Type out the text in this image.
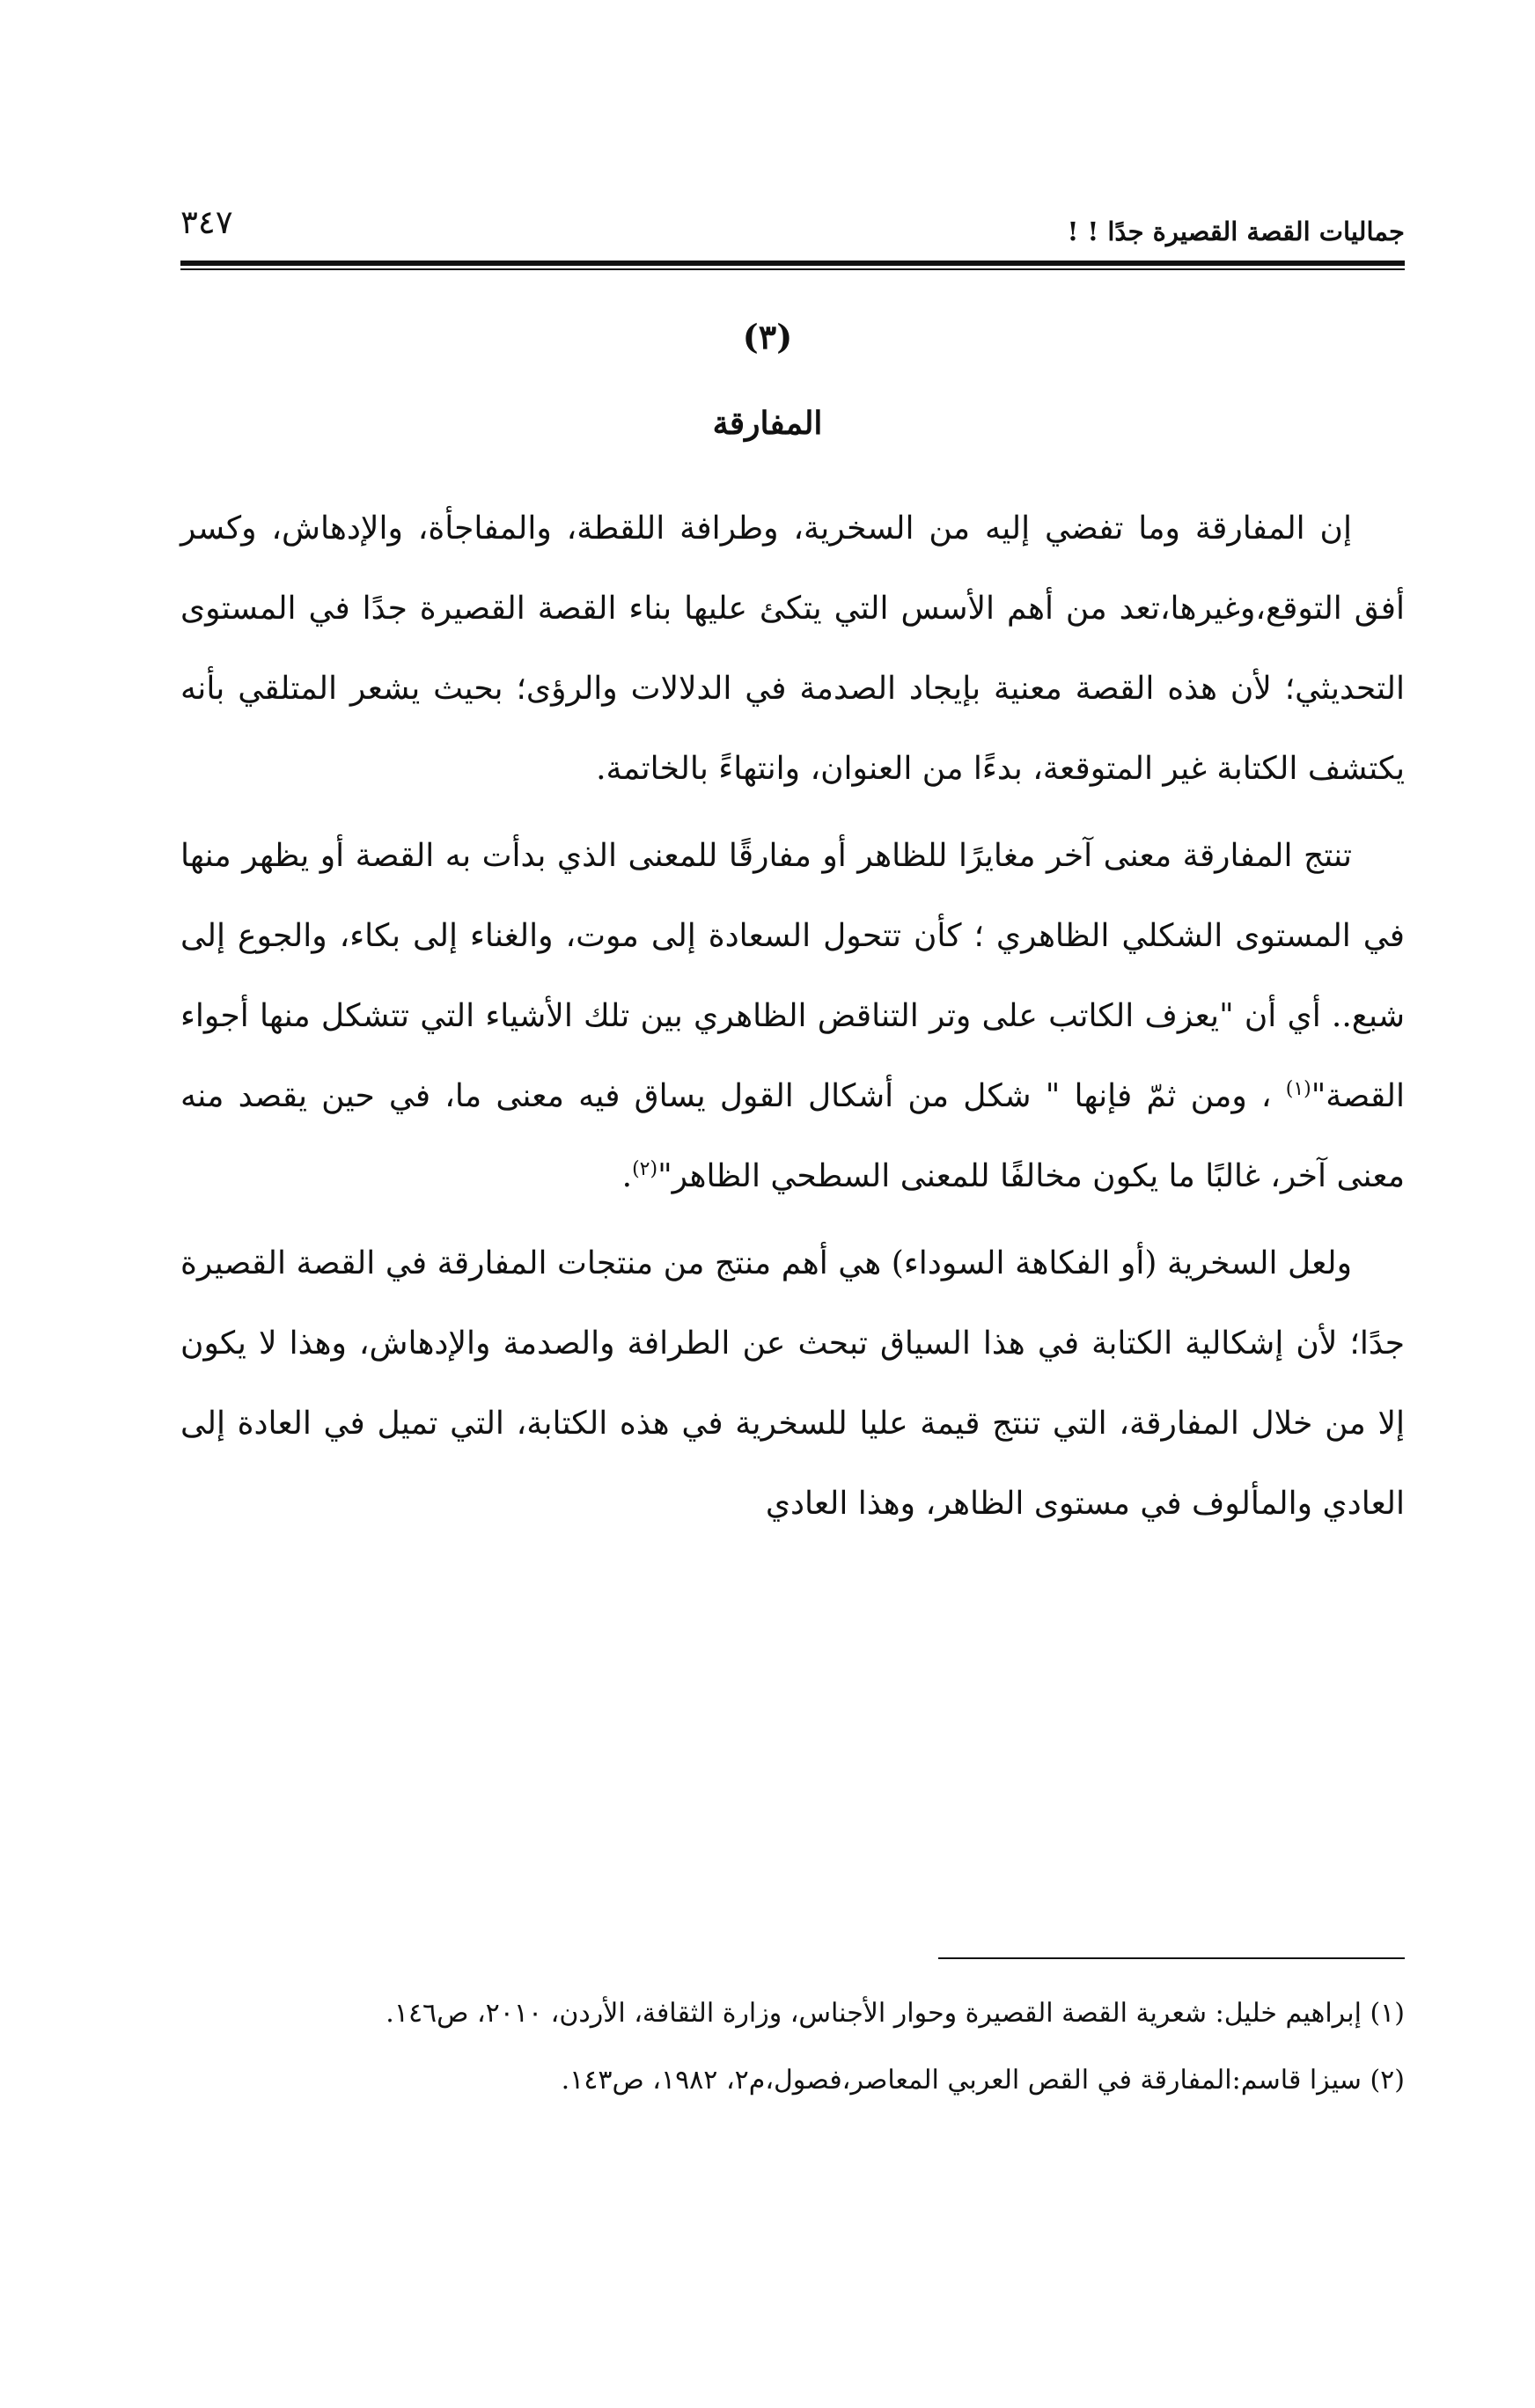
جماليات القصة القصيرة جدًا ! !
٣٤٧
(٣)
المفارقة

إن المفارقة وما تفضي إليه من السخرية، وطرافة اللقطة، والمفاجأة، والإدهاش، وكسر أفق التوقع،وغيرها،تعد من أهم الأسس التي يتكئ عليها بناء القصة القصيرة جدًا في المستوى التحديثي؛ لأن هذه القصة معنية بإيجاد الصدمة في الدلالات والرؤى؛ بحيث يشعر المتلقي بأنه يكتشف الكتابة غير المتوقعة، بدءًا من العنوان، وانتهاءً بالخاتمة.

تنتج المفارقة معنى آخر مغايرًا للظاهر أو مفارقًا للمعنى الذي بدأت به القصة أو يظهر منها في المستوى الشكلي الظاهري ؛ كأن تتحول السعادة إلى موت، والغناء إلى بكاء، والجوع إلى شبع.. أي أن "يعزف الكاتب على وتر التناقض الظاهري بين تلك الأشياء التي تتشكل منها أجواء القصة"$^{(١)}$ ، ومن ثمّ فإنها " شكل من أشكال القول يساق فيه معنى ما، في حين يقصد منه معنى آخر، غالبًا ما يكون مخالفًا للمعنى السطحي الظاهر"$^{(٢)}$.

ولعل السخرية (أو الفكاهة السوداء) هي أهم منتج من منتجات المفارقة في القصة القصيرة جدًا؛ لأن إشكالية الكتابة في هذا السياق تبحث عن الطرافة والصدمة والإدهاش، وهذا لا يكون إلا من خلال المفارقة، التي تنتج قيمة عليا للسخرية في هذه الكتابة، التي تميل في العادة إلى العادي والمألوف في مستوى الظاهر، وهذا العادي

(١) إبراهيم خليل: شعرية القصة القصيرة وحوار الأجناس، وزارة الثقافة، الأردن، ٢٠١٠، ص١٤٦.

(٢) سيزا قاسم:المفارقة في القص العربي المعاصر،فصول،م٢، ١٩٨٢، ص١٤٣.
